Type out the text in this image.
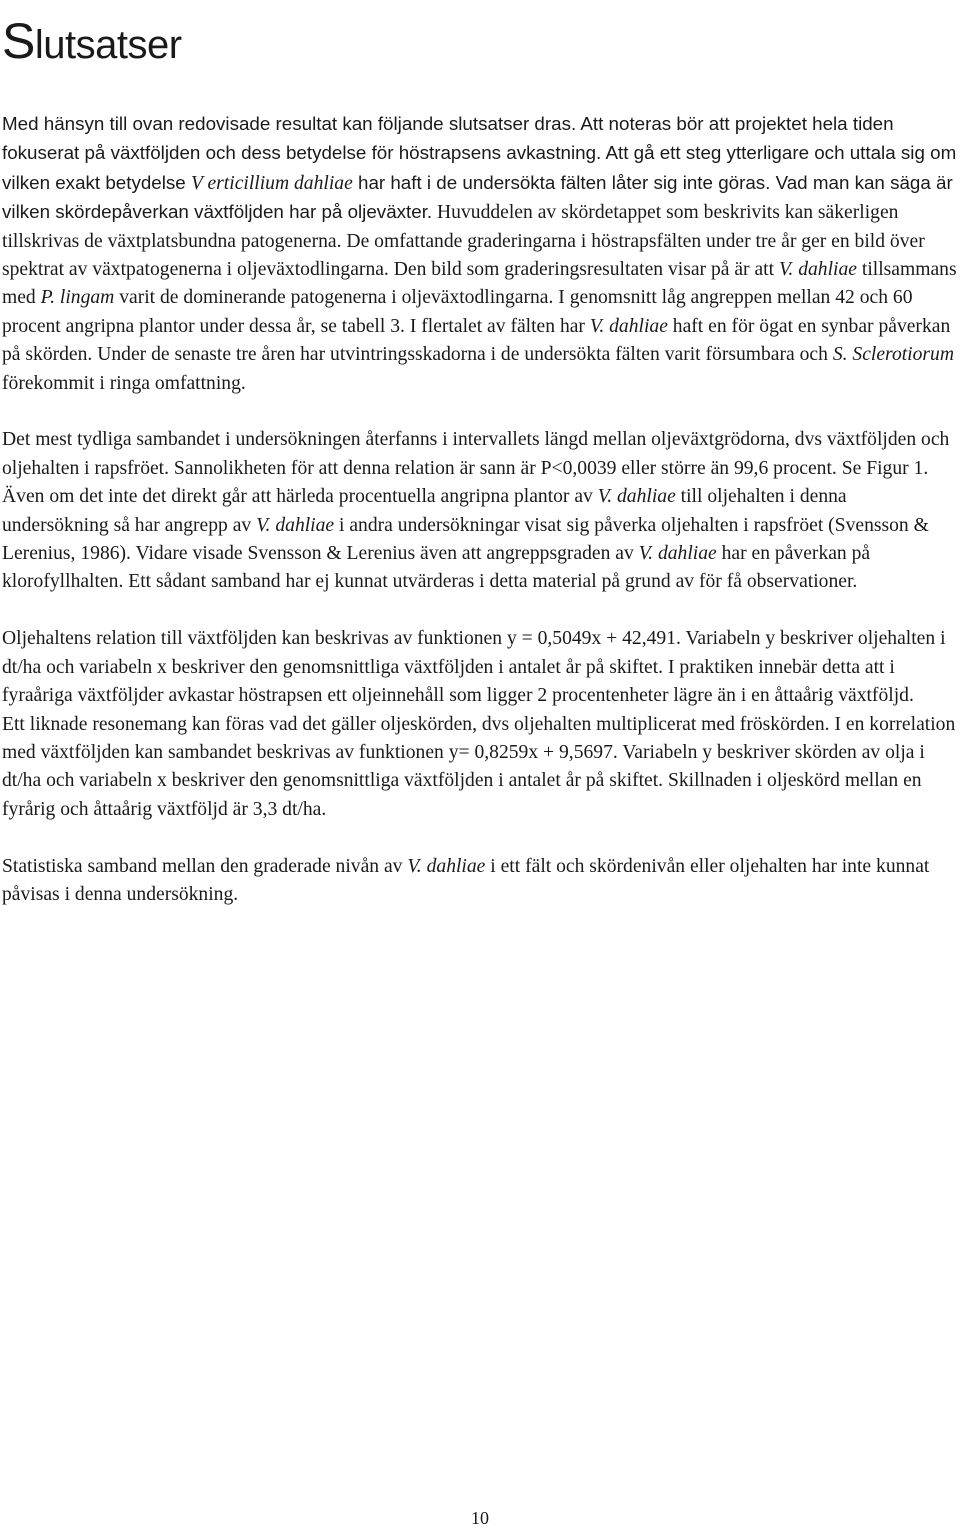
Slutsatser

Med hänsyn till ovan redovisade resultat kan följande slutsatser dras. Att noteras bör att projektet hela tiden fokuserat på växtföljden och dess betydelse för höstrapsens avkastning. Att gå ett steg ytterligare och uttala sig om vilken exakt betydelse V erticillium dahliae har haft i de undersökta fälten låter sig inte göras. Vad man kan säga är vilken skördepåverkan växtföljden har på oljeväxter. Huvuddelen av skördetappet som beskrivits kan säkerligen tillskrivas de växtplatsbundna patogenerna. De omfattande graderingarna i höstrapsfälten under tre år ger en bild över spektrat av växtpatogenerna i oljeväxtodlingarna. Den bild som graderingsresultaten visar på är att V. dahliae tillsammans med P. lingam varit de dominerande patogenerna i oljeväxtodlingarna. I genomsnitt låg angreppen mellan 42 och 60 procent angripna plantor under dessa år, se tabell 3. I flertalet av fälten har V. dahliae haft en för ögat en synbar påverkan på skörden. Under de senaste tre åren har utvintringsskadorna i de undersökta fälten varit försumbara och S. Sclerotiorum förekommit i ringa omfattning.

Det mest tydliga sambandet i undersökningen återfanns i intervallets längd mellan oljeväxtgrödorna, dvs växtföljden och oljehalten i rapsfröet. Sannolikheten för att denna relation är sann är P<0,0039 eller större än 99,6 procent. Se Figur 1. Även om det inte det direkt går att härleda procentuella angripna plantor av V. dahliae till oljehalten i denna undersökning så har angrepp av V. dahliae i andra undersökningar visat sig påverka oljehalten i rapsfröet (Svensson & Lerenius, 1986). Vidare visade Svensson & Lerenius även att angreppsgraden av V. dahliae har en påverkan på klorofyllhalten. Ett sådant samband har ej kunnat utvärderas i detta material på grund av för få observationer.

Oljehaltens relation till växtföljden kan beskrivas av funktionen y = 0,5049x + 42,491. Variabeln y beskriver oljehalten i dt/ha och variabeln x beskriver den genomsnittliga växtföljden i antalet år på skiftet. I praktiken innebär detta att i fyraåriga växtföljder avkastar höstrapsen ett oljeinnehåll som ligger 2 procentenheter lägre än i en åttaårig växtföljd.

Ett liknade resonemang kan föras vad det gäller oljeskörden, dvs oljehalten multiplicerat med fröskörden. I en korrelation med växtföljden kan sambandet beskrivas av funktionen y= 0,8259x + 9,5697. Variabeln y beskriver skörden av olja i dt/ha och variabeln x beskriver den genomsnittliga växtföljden i antalet år på skiftet. Skillnaden i oljeskörd mellan en fyrårig och åttaårig växtföljd är 3,3 dt/ha.

Statistiska samband mellan den graderade nivån av V. dahliae i ett fält och skördenivån eller oljehalten har inte kunnat påvisas i denna undersökning.

10
